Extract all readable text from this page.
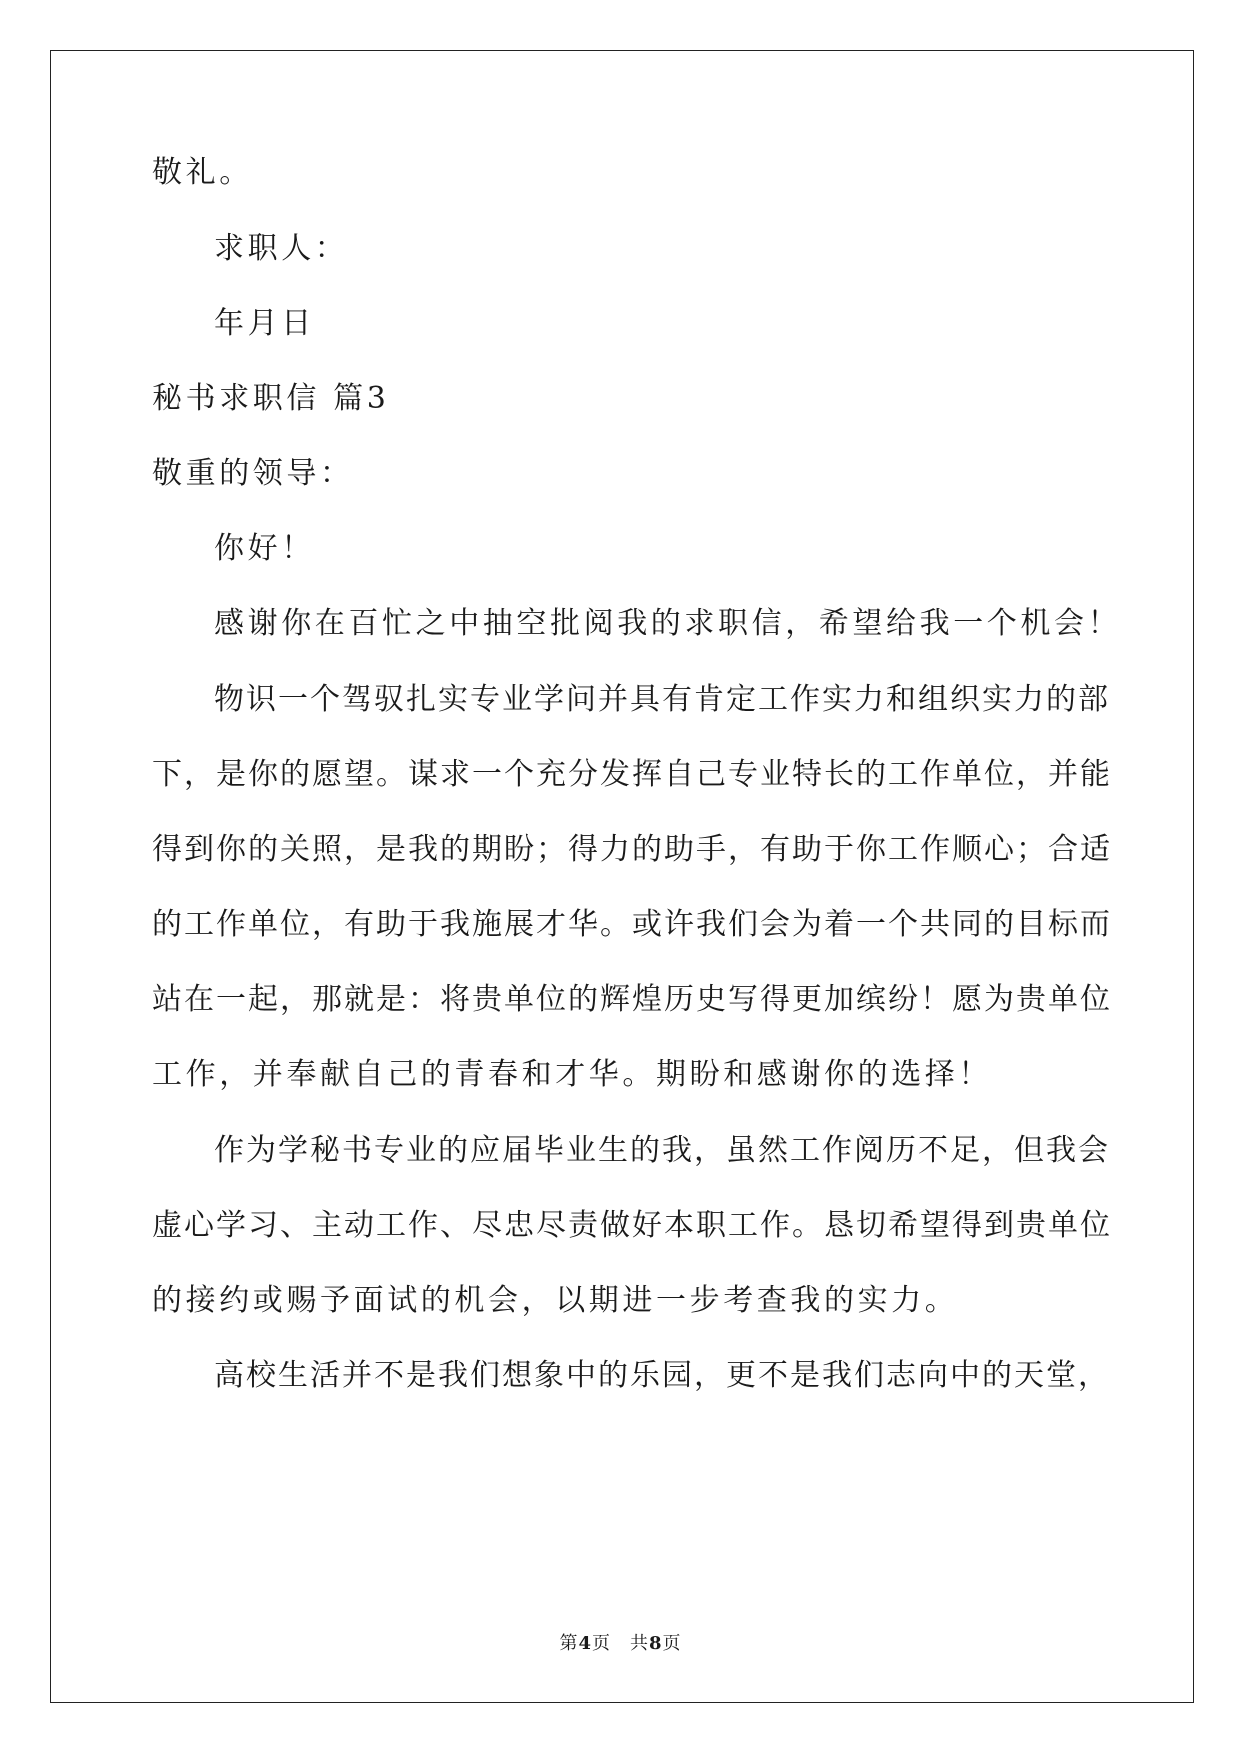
敬礼。
求职人：
年月日
秘书求职信 篇3
敬重的领导：
你好！
感谢你在百忙之中抽空批阅我的求职信，希望给我一个机会！
物识一个驾驭扎实专业学问并具有肯定工作实力和组织实力的部
下，是你的愿望。谋求一个充分发挥自己专业特长的工作单位，并能
得到你的关照，是我的期盼；得力的助手，有助于你工作顺心；合适
的工作单位，有助于我施展才华。或许我们会为着一个共同的目标而
站在一起，那就是：将贵单位的辉煌历史写得更加缤纷！愿为贵单位
工作，并奉献自己的青春和才华。期盼和感谢你的选择！
作为学秘书专业的应届毕业生的我，虽然工作阅历不足，但我会
虚心学习、主动工作、尽忠尽责做好本职工作。恳切希望得到贵单位
的接约或赐予面试的机会，以期进一步考查我的实力。
高校生活并不是我们想象中的乐园，更不是我们志向中的天堂，
第4页　共8页
